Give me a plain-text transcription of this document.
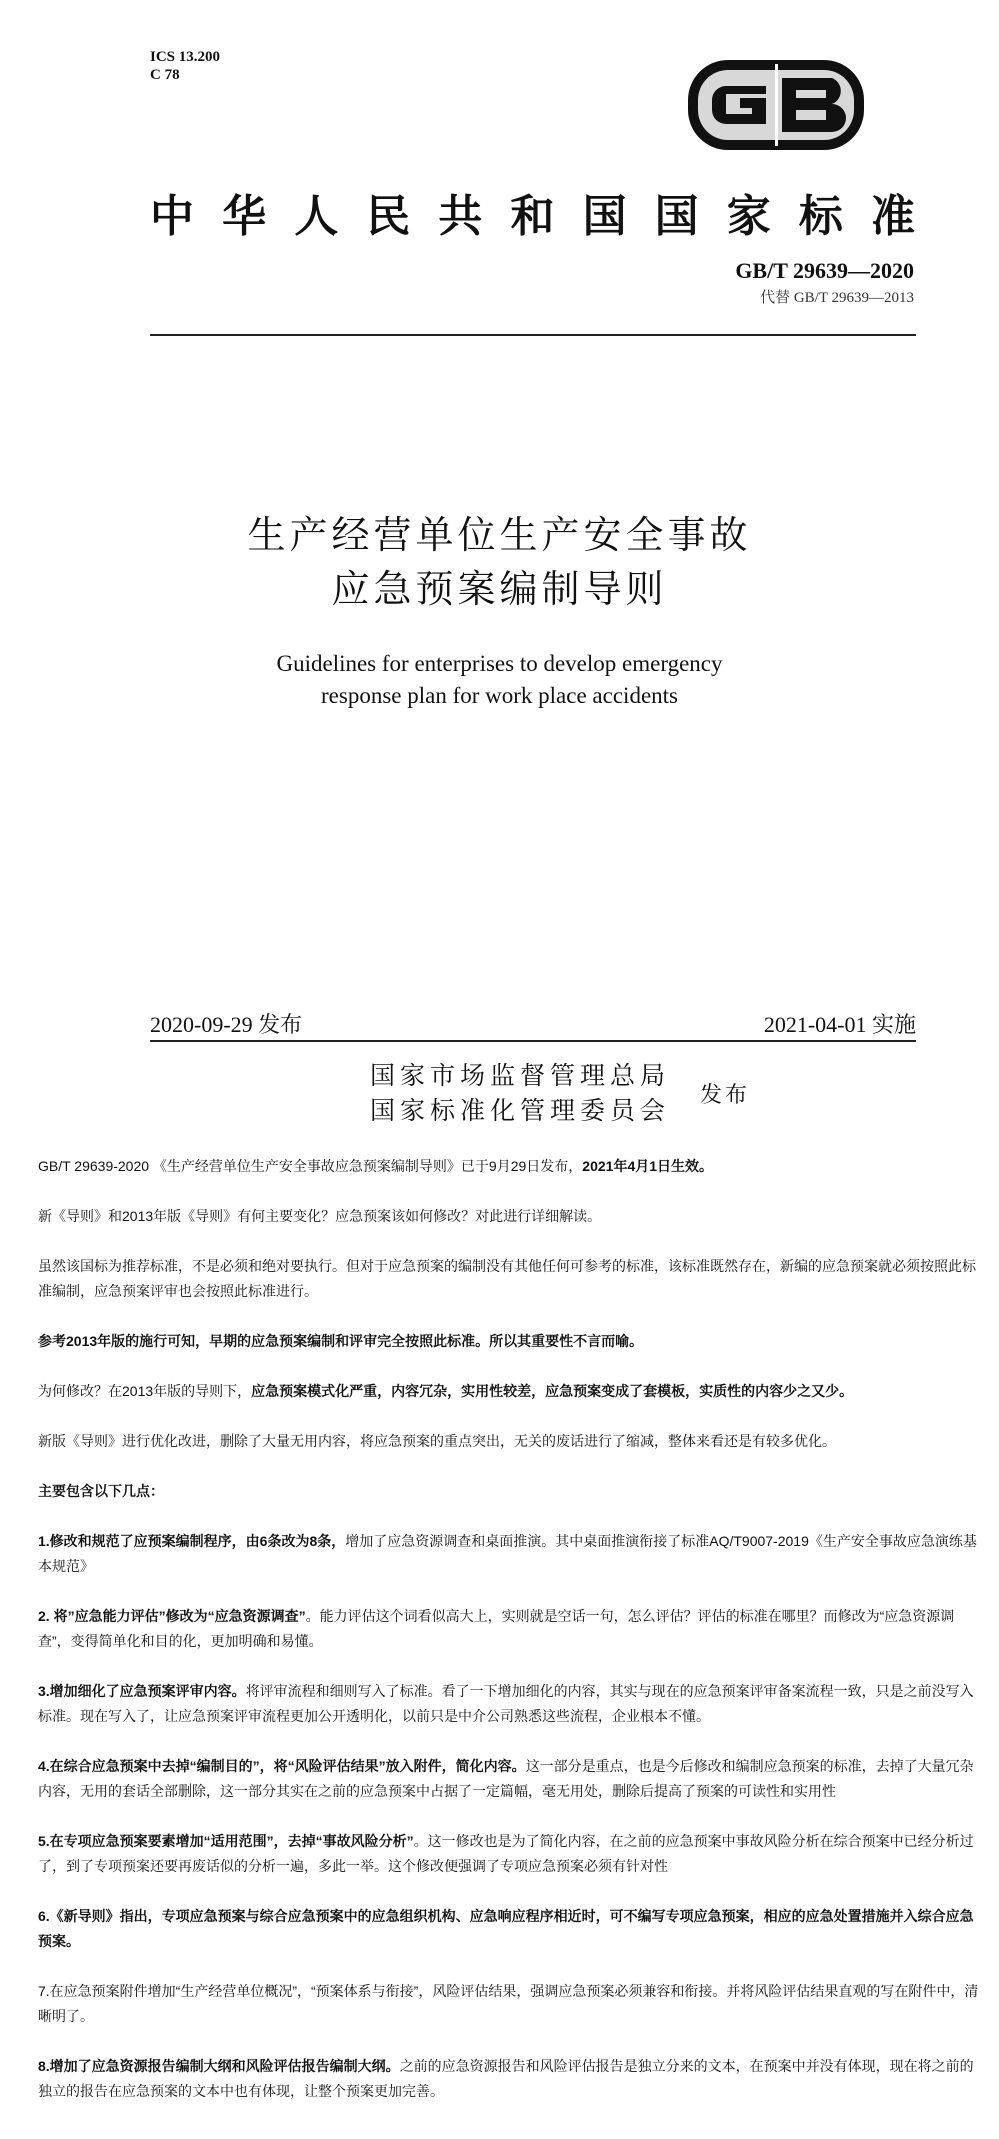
ICS 13.200
C 78
中 华 人 民 共 和 国 国 家 标 准
GB/T 29639—2020
代替 GB/T 29639—2013
生产经营单位生产安全事故
应急预案编制导则
Guidelines for enterprises to develop emergency
response plan for work place accidents
2020-09-29 发布	2021-04-01 实施
国家市场监督管理总局
国家标准化管理委员会
发布

GB/T 29639-2020 《生产经营单位生产安全事故应急预案编制导则》已于9月29日发布，2021年4月1日生效。

新《导则》和2013年版《导则》有何主要变化？应急预案该如何修改？对此进行详细解读。

虽然该国标为推荐标准，不是必须和绝对要执行。但对于应急预案的编制没有其他任何可参考的标准，该标准既然存在，新编的应急预案就必须按照此标准编制，应急预案评审也会按照此标准进行。

参考2013年版的施行可知，早期的应急预案编制和评审完全按照此标准。所以其重要性不言而喻。

为何修改？在2013年版的导则下，应急预案模式化严重，内容冗杂，实用性较差，应急预案变成了套模板，实质性的内容少之又少。

新版《导则》进行优化改进，删除了大量无用内容，将应急预案的重点突出，无关的废话进行了缩减，整体来看还是有较多优化。

主要包含以下几点：

1.修改和规范了应预案编制程序，由6条改为8条，增加了应急资源调查和桌面推演。其中桌面推演衔接了标准AQ/T9007-2019《生产安全事故应急演练基本规范》

2. 将”应急能力评估”修改为“应急资源调查”。能力评估这个词看似高大上，实则就是空话一句，怎么评估？评估的标准在哪里？而修改为“应急资源调查”，变得简单化和目的化，更加明确和易懂。

3.增加细化了应急预案评审内容。将评审流程和细则写入了标准。看了一下增加细化的内容，其实与现在的应急预案评审备案流程一致，只是之前没写入标准。现在写入了，让应急预案评审流程更加公开透明化，以前只是中介公司熟悉这些流程，企业根本不懂。

4.在综合应急预案中去掉“编制目的”，将“风险评估结果”放入附件，简化内容。这一部分是重点，也是今后修改和编制应急预案的标准，去掉了大量冗杂内容，无用的套话全部删除，这一部分其实在之前的应急预案中占据了一定篇幅，毫无用处，删除后提高了预案的可读性和实用性

5.在专项应急预案要素增加“适用范围”，去掉“事故风险分析”。这一修改也是为了简化内容，在之前的应急预案中事故风险分析在综合预案中已经分析过了，到了专项预案还要再废话似的分析一遍，多此一举。这个修改便强调了专项应急预案必须有针对性

6.《新导则》指出，专项应急预案与综合应急预案中的应急组织机构、应急响应程序相近时，可不编写专项应急预案，相应的应急处置措施并入综合应急预案。

7.在应急预案附件增加“生产经营单位概况”，“预案体系与衔接”，风险评估结果，强调应急预案必须兼容和衔接。并将风险评估结果直观的写在附件中，清晰明了。

8.增加了应急资源报告编制大纲和风险评估报告编制大纲。之前的应急资源报告和风险评估报告是独立分来的文本，在预案中并没有体现，现在将之前的独立的报告在应急预案的文本中也有体现，让整个预案更加完善。
